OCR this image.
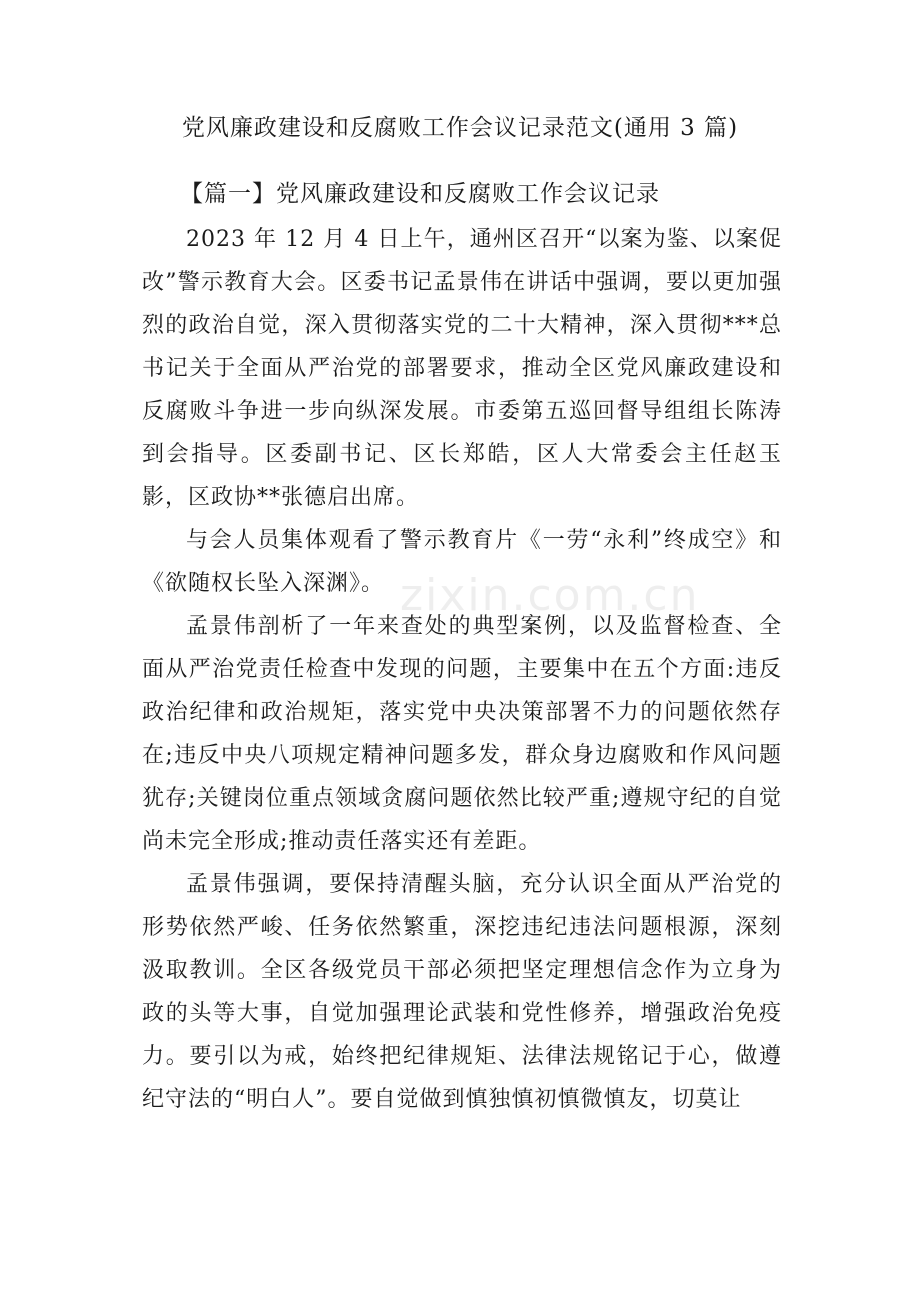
党风廉政建设和反腐败工作会议记录范文(通用 3 篇)
【篇一】党风廉政建设和反腐败工作会议记录

2023 年 12 月 4 日上午，通州区召开“以案为鉴、以案促改”警示教育大会。区委书记孟景伟在讲话中强调，要以更加强烈的政治自觉，深入贯彻落实党的二十大精神，深入贯彻***总书记关于全面从严治党的部署要求，推动全区党风廉政建设和反腐败斗争进一步向纵深发展。市委第五巡回督导组组长陈涛到会指导。区委副书记、区长郑皓，区人大常委会主任赵玉影，区政协**张德启出席。

与会人员集体观看了警示教育片《一劳“永利”终成空》和《欲随权长坠入深渊》。

孟景伟剖析了一年来查处的典型案例，以及监督检查、全面从严治党责任检查中发现的问题，主要集中在五个方面:违反政治纪律和政治规矩，落实党中央决策部署不力的问题依然存在;违反中央八项规定精神问题多发，群众身边腐败和作风问题犹存;关键岗位重点领域贪腐问题依然比较严重;遵规守纪的自觉尚未完全形成;推动责任落实还有差距。

孟景伟强调，要保持清醒头脑，充分认识全面从严治党的形势依然严峻、任务依然繁重，深挖违纪违法问题根源，深刻汲取教训。全区各级党员干部必须把坚定理想信念作为立身为政的头等大事，自觉加强理论武装和党性修养，增强政治免疫力。要引以为戒，始终把纪律规矩、法律法规铭记于心，做遵纪守法的“明白人”。要自觉做到慎独慎初慎微慎友，切莫让

zixin.com.cn
